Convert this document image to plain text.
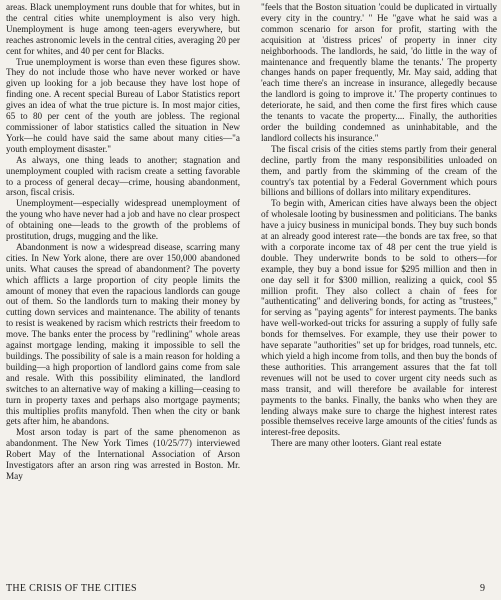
areas. Black unemployment runs double that for whites, but in the central cities white unemployment is also very high. Unemployment is huge among teen-agers everywhere, but reaches astronomic levels in the central cities, averaging 20 per cent for whites, and 40 per cent for Blacks.

True unemployment is worse than even these figures show. They do not include those who have never worked or have given up looking for a job because they have lost hope of finding one. A recent special Bureau of Labor Statistics report gives an idea of what the true picture is. In most major cities, 65 to 80 per cent of the youth are jobless. The regional commissioner of labor statistics called the situation in New York—he could have said the same about many cities—"a youth employment disaster."

As always, one thing leads to another; stagnation and unemployment coupled with racism create a setting favorable to a process of general decay—crime, housing abandonment, arson, fiscal crisis.

Unemployment—especially widespread unemployment of the young who have never had a job and have no clear prospect of obtaining one—leads to the growth of the problems of prostitution, drugs, mugging and the like.

Abandonment is now a widespread disease, scarring many cities. In New York alone, there are over 150,000 abandoned units. What causes the spread of abandonment? The poverty which afflicts a large proportion of city people limits the amount of money that even the rapacious landlords can gouge out of them. So the landlords turn to making their money by cutting down services and maintenance. The ability of tenants to resist is weakened by racism which restricts their freedom to move. The banks enter the process by "redlining" whole areas against mortgage lending, making it impossible to sell the buildings. The possibility of sale is a main reason for holding a building—a high proportion of landlord gains come from sale and resale. With this possibility eliminated, the landlord switches to an alternative way of making a killing—ceasing to turn in property taxes and perhaps also mortgage payments; this multiplies profits manyfold. Then when the city or bank gets after him, he abandons.

Most arson today is part of the same phenomenon as abandonment. The New York Times (10/25/77) interviewed Robert May of the International Association of Arson Investigators after an arson ring was arrested in Boston. Mr. May

"feels that the Boston situation 'could be duplicated in virtually every city in the country.' " He "gave what he said was a common scenario for arson for profit, starting with the acquisition at 'distress prices' of property in inner city neighborhoods. The landlords, he said, 'do little in the way of maintenance and frequently blame the tenants.' The property changes hands on paper frequently, Mr. May said, adding that 'each time there's an increase in insurance, allegedly because the landlord is going to improve it.' The property continues to deteriorate, he said, and then come the first fires which cause the tenants to vacate the property.... Finally, the authorities order the building condemned as uninhabitable, and the landlord collects his insurance."

The fiscal crisis of the cities stems partly from their general decline, partly from the many responsibilities unloaded on them, and partly from the skimming of the cream of the country's tax potential by a Federal Government which pours billions and billions of dollars into military expenditures.

To begin with, American cities have always been the object of wholesale looting by businessmen and politicians. The banks have a juicy business in municipal bonds. They buy such bonds at an already good interest rate—the bonds are tax free, so that with a corporate income tax of 48 per cent the true yield is double. They underwrite bonds to be sold to others—for example, they buy a bond issue for $295 million and then in one day sell it for $300 million, realizing a quick, cool $5 million profit. They also collect a chain of fees for "authenticating" and delivering bonds, for acting as "trustees," for serving as "paying agents" for interest payments. The banks have well-worked-out tricks for assuring a supply of fully safe bonds for themselves. For example, they use their power to have separate "authorities" set up for bridges, road tunnels, etc. which yield a high income from tolls, and then buy the bonds of these authorities. This arrangement assures that the fat toll revenues will not be used to cover urgent city needs such as mass transit, and will therefore be available for interest payments to the banks. Finally, the banks who when they are lending always make sure to charge the highest interest rates possible themselves receive large amounts of the cities' funds as interest-free deposits.

There are many other looters. Giant real estate

THE CRISIS OF THE CITIES	9
